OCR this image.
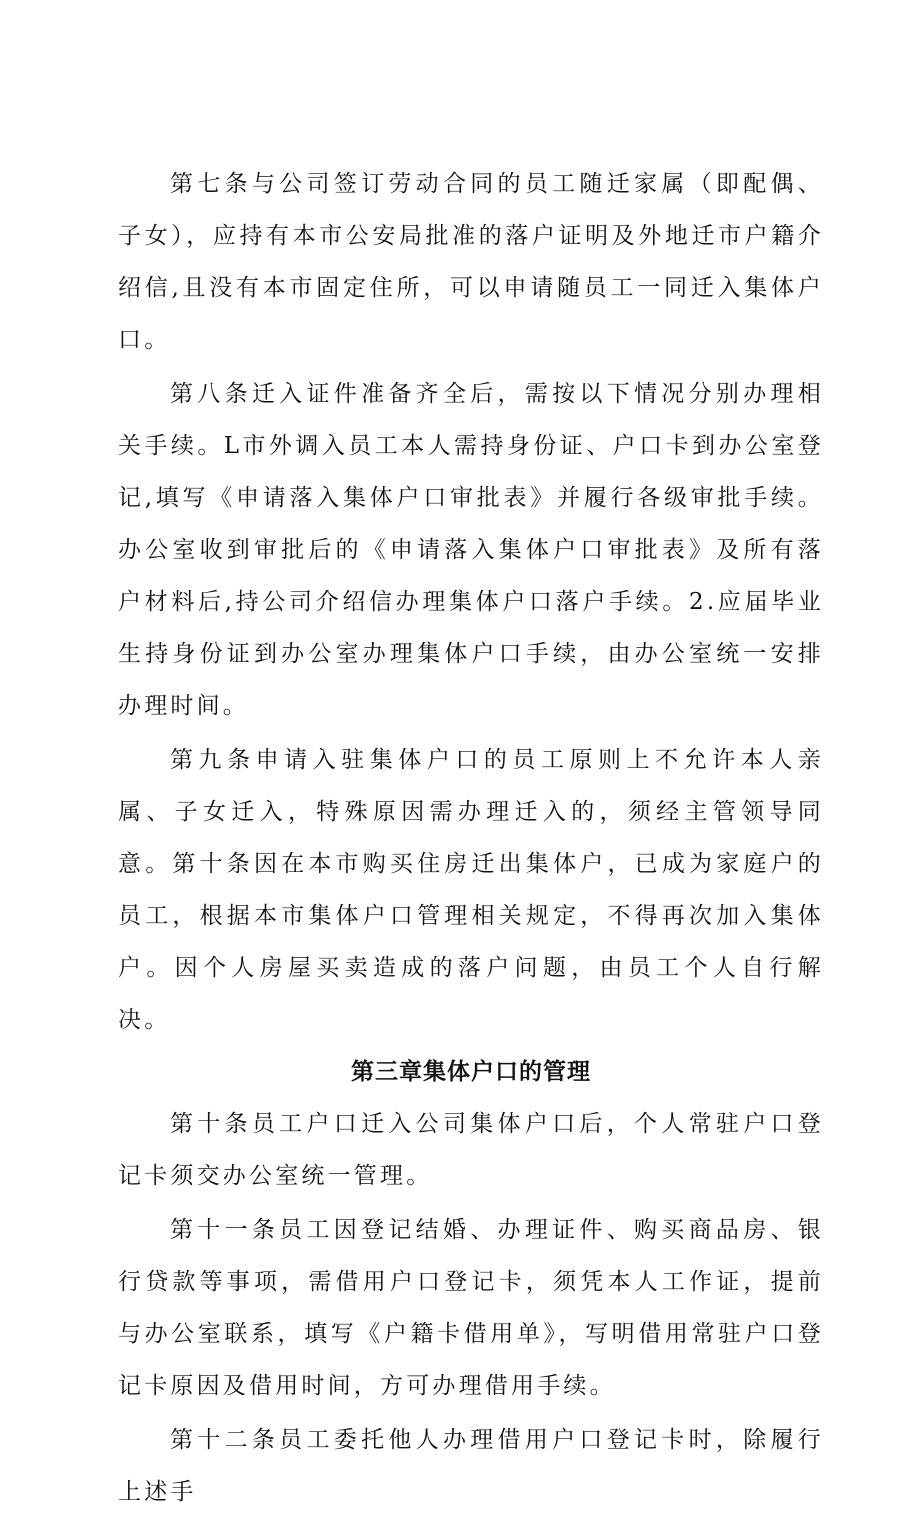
第七条与公司签订劳动合同的员工随迁家属（即配偶、子女），应持有本市公安局批准的落户证明及外地迁市户籍介绍信,且没有本市固定住所，可以申请随员工一同迁入集体户口。

第八条迁入证件准备齐全后，需按以下情况分别办理相关手续。L市外调入员工本人需持身份证、户口卡到办公室登记,填写《申请落入集体户口审批表》并履行各级审批手续。办公室收到审批后的《申请落入集体户口审批表》及所有落户材料后,持公司介绍信办理集体户口落户手续。2.应届毕业生持身份证到办公室办理集体户口手续，由办公室统一安排办理时间。

第九条申请入驻集体户口的员工原则上不允许本人亲属、子女迁入，特殊原因需办理迁入的，须经主管领导同意。第十条因在本市购买住房迁出集体户，已成为家庭户的员工，根据本市集体户口管理相关规定，不得再次加入集体户。因个人房屋买卖造成的落户问题，由员工个人自行解决。

第三章集体户口的管理

第十条员工户口迁入公司集体户口后，个人常驻户口登记卡须交办公室统一管理。

第十一条员工因登记结婚、办理证件、购买商品房、银行贷款等事项，需借用户口登记卡，须凭本人工作证，提前与办公室联系，填写《户籍卡借用单》，写明借用常驻户口登记卡原因及借用时间，方可办理借用手续。

第十二条员工委托他人办理借用户口登记卡时，除履行上述手
